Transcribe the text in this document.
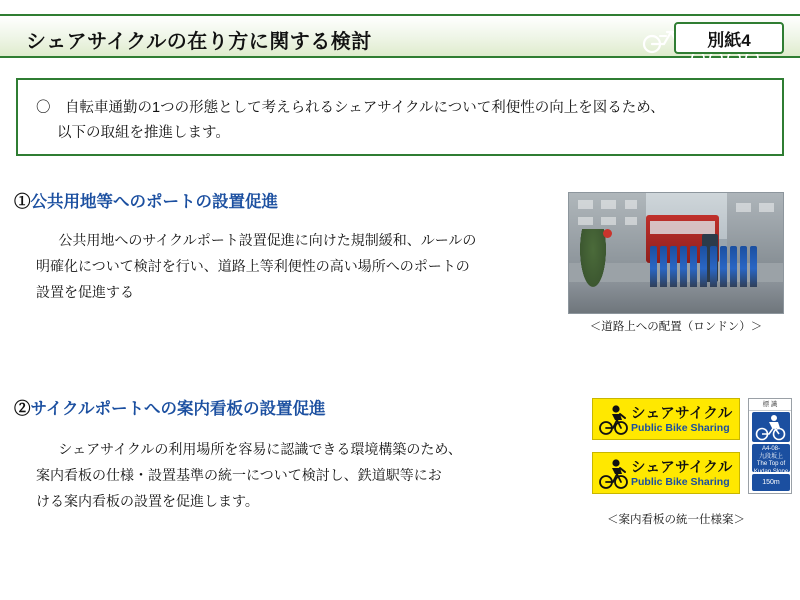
シェアサイクルの在り方に関する検討	別紙4
〇　自転車通勤の1つの形態として考えられるシェアサイクルについて利便性の向上を図るため、
以下の取組を推進します。
①公共用地等へのポートの設置促進
公共用地へのサイクルポート設置促進に向けた規制緩和、ルールの
明確化について検討を行い、道路上等利便性の高い場所へのポートの
設置を促進する
＜道路上への配置（ロンドン）＞
②サイクルポートへの案内看板の設置促進
シェアサイクルの利用場所を容易に認識できる環境構築のため、
案内看板の仕様・設置基準の統一について検討し、鉄道駅等にお
ける案内看板の設置を促進します。
シェアサイクル
Public Bike Sharing
シェアサイクル
Public Bike Sharing
標 識
A4-08-
九段坂上
The Top of
Kudan Slope
150m
＜案内看板の統一仕様案＞
